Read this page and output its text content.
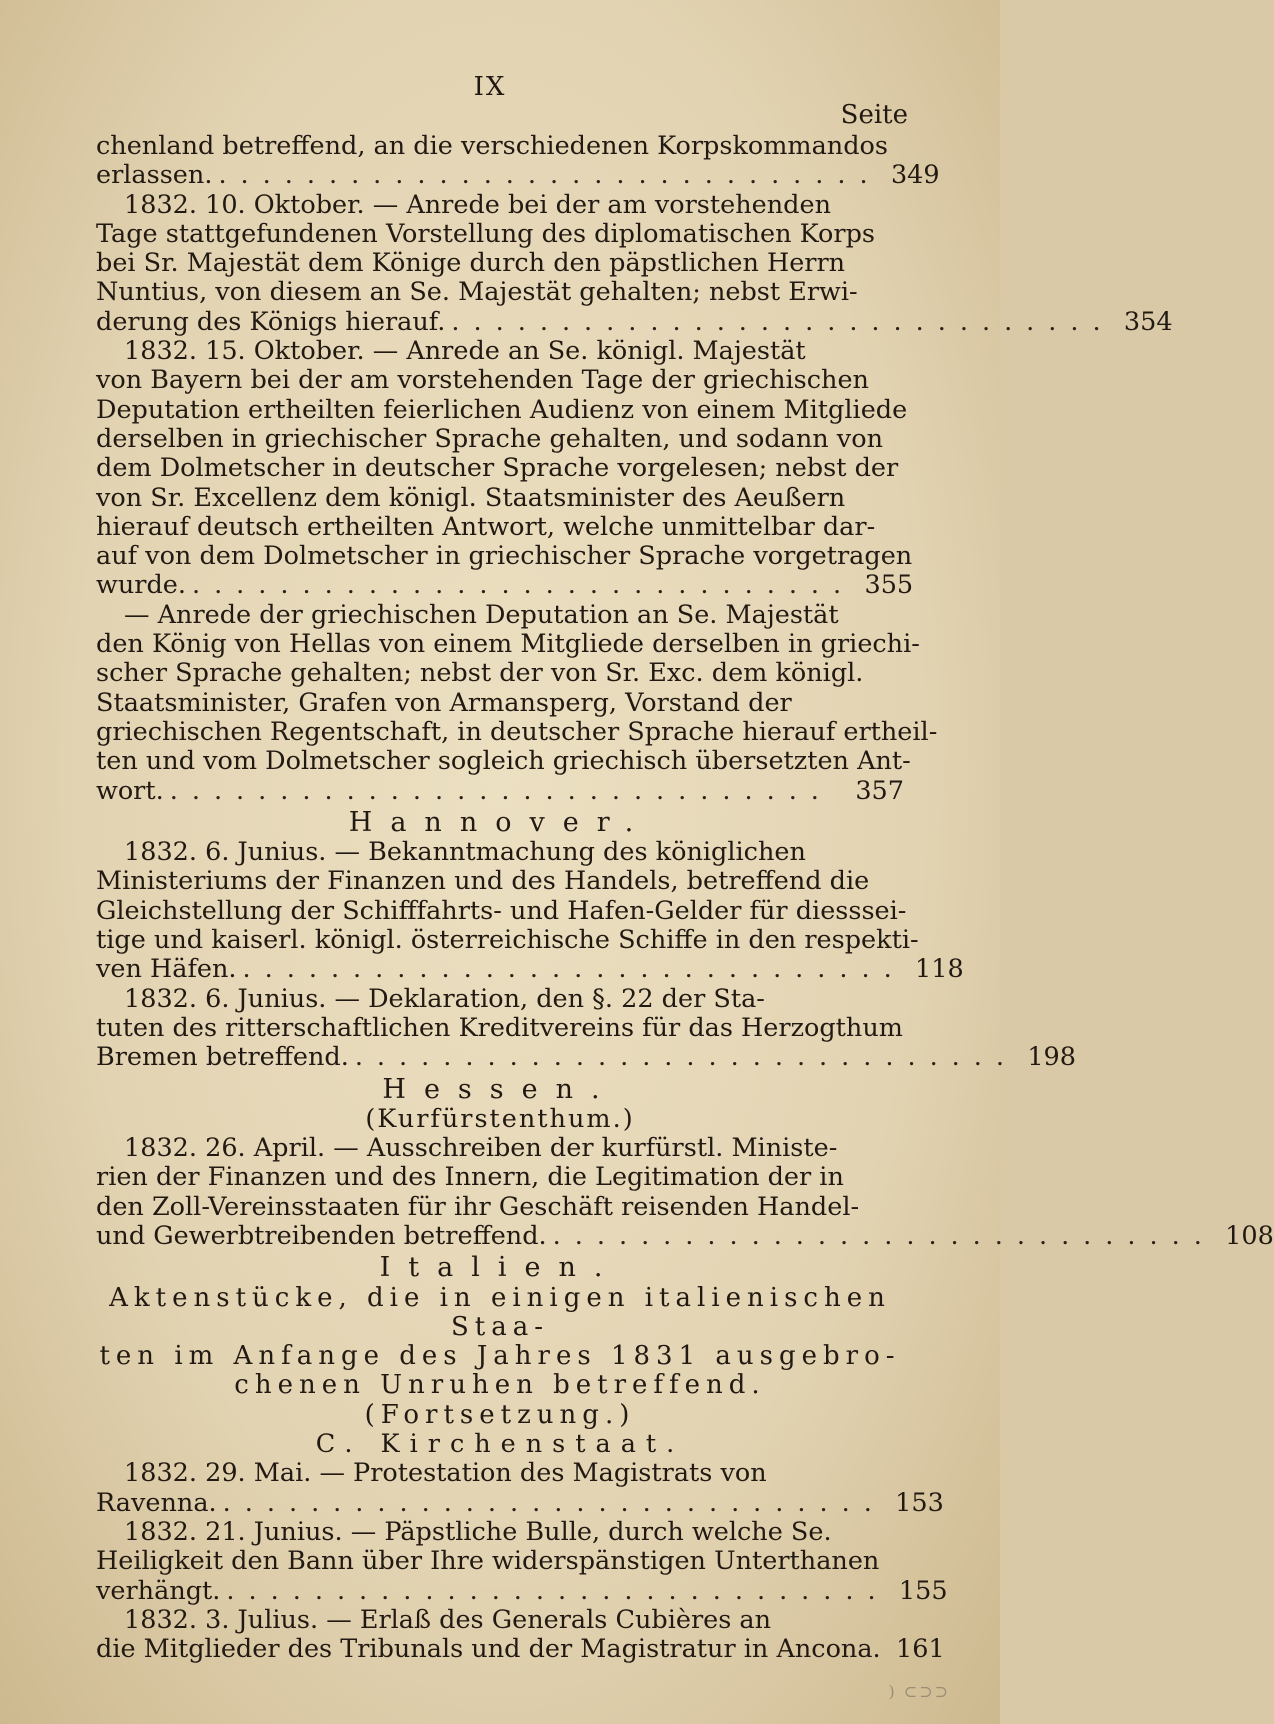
IX
Seite
chenland betreffend, an die verschiedenen Korpskommandos
erlassen. .............................. 349
1832. 10. Oktober. — Anrede bei der am vorstehenden
Tage stattgefundenen Vorstellung des diplomatischen Korps
bei Sr. Majestät dem Könige durch den päpstlichen Herrn
Nuntius, von diesem an Se. Majestät gehalten; nebst Erwi-
derung des Königs hierauf. .............................. 354
1832. 15. Oktober. — Anrede an Se. königl. Majestät
von Bayern bei der am vorstehenden Tage der griechischen
Deputation ertheilten feierlichen Audienz von einem Mitgliede
derselben in griechischer Sprache gehalten, und sodann von
dem Dolmetscher in deutscher Sprache vorgelesen; nebst der
von Sr. Excellenz dem königl. Staatsminister des Aeußern
hierauf deutsch ertheilten Antwort, welche unmittelbar dar-
auf von dem Dolmetscher in griechischer Sprache vorgetragen
wurde. .............................. 355
— Anrede der griechischen Deputation an Se. Majestät
den König von Hellas von einem Mitgliede derselben in griechi-
scher Sprache gehalten; nebst der von Sr. Exc. dem königl.
Staatsminister, Grafen von Armansperg, Vorstand der
griechischen Regentschaft, in deutscher Sprache hierauf ertheil-
ten und vom Dolmetscher sogleich griechisch übersetzten Ant-
wort. .............................. 357
Hannover.
1832. 6. Junius. — Bekanntmachung des königlichen
Ministeriums der Finanzen und des Handels, betreffend die
Gleichstellung der Schifffahrts- und Hafen-Gelder für diesssei-
tige und kaiserl. königl. österreichische Schiffe in den respekti-
ven Häfen. .............................. 118
1832. 6. Junius. — Deklaration, den §. 22 der Sta-
tuten des ritterschaftlichen Kreditvereins für das Herzogthum
Bremen betreffend. .............................. 198
Hessen.
(Kurfürstenthum.)
1832. 26. April. — Ausschreiben der kurfürstl. Ministe-
rien der Finanzen und des Innern, die Legitimation der in
den Zoll-Vereinsstaaten für ihr Geschäft reisenden Handel-
und Gewerbtreibenden betreffend. .............................. 108
Italien.
Aktenstücke, die in einigen italienischen Staa-
ten im Anfange des Jahres 1831 ausgebro-
chenen Unruhen betreffend. (Fortsetzung.)
C. Kirchenstaat.
1832. 29. Mai. — Protestation des Magistrats von
Ravenna. .............................. 153
1832. 21. Junius. — Päpstliche Bulle, durch welche Se.
Heiligkeit den Bann über Ihre widerspänstigen Unterthanen
verhängt. .............................. 155
1832. 3. Julius. — Erlaß des Generals Cubières an
die Mitglieder des Tribunals und der Magistratur in Ancona. 161
) ⊂⊃⊃
